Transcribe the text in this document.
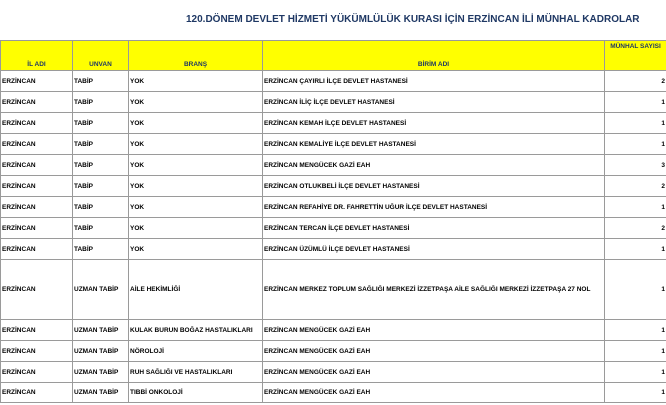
120.DÖNEM DEVLET HİZMETİ YÜKÜMLÜLÜK KURASI İÇİN ERZİNCAN İLİ MÜNHAL KADROLAR
İL ADI	UNVAN	BRANŞ	BİRİM ADI	MÜNHAL SAYISI
ERZİNCAN	TABİP	YOK	ERZİNCAN ÇAYIRLI İLÇE DEVLET HASTANESİ	2
ERZİNCAN	TABİP	YOK	ERZİNCAN İLİÇ İLÇE DEVLET HASTANESİ	1
ERZİNCAN	TABİP	YOK	ERZİNCAN KEMAH İLÇE DEVLET HASTANESİ	1
ERZİNCAN	TABİP	YOK	ERZİNCAN KEMALİYE İLÇE DEVLET HASTANESİ	1
ERZİNCAN	TABİP	YOK	ERZİNCAN MENGÜCEK GAZİ EAH	3
ERZİNCAN	TABİP	YOK	ERZİNCAN OTLUKBELİ İLÇE DEVLET HASTANESİ	2
ERZİNCAN	TABİP	YOK	ERZİNCAN REFAHİYE DR. FAHRETTİN UĞUR İLÇE DEVLET HASTANESİ	1
ERZİNCAN	TABİP	YOK	ERZİNCAN TERCAN İLÇE DEVLET HASTANESİ	2
ERZİNCAN	TABİP	YOK	ERZİNCAN ÜZÜMLÜ İLÇE DEVLET HASTANESİ	1
ERZİNCAN	UZMAN TABİP	AİLE HEKİMLİĞİ	ERZİNCAN MERKEZ TOPLUM SAĞLIĞI MERKEZİ İZZETPAŞA AİLE SAĞLIĞI MERKEZİ İZZETPAŞA 27 NOL	1
ERZİNCAN	UZMAN TABİP	KULAK BURUN BOĞAZ HASTALIKLARI	ERZİNCAN MENGÜCEK GAZİ EAH	1
ERZİNCAN	UZMAN TABİP	NÖROLOJİ	ERZİNCAN MENGÜCEK GAZİ EAH	1
ERZİNCAN	UZMAN TABİP	RUH SAĞLIĞI VE HASTALIKLARI	ERZİNCAN MENGÜCEK GAZİ EAH	1
ERZİNCAN	UZMAN TABİP	TIBBİ ONKOLOJİ	ERZİNCAN MENGÜCEK GAZİ EAH	1
